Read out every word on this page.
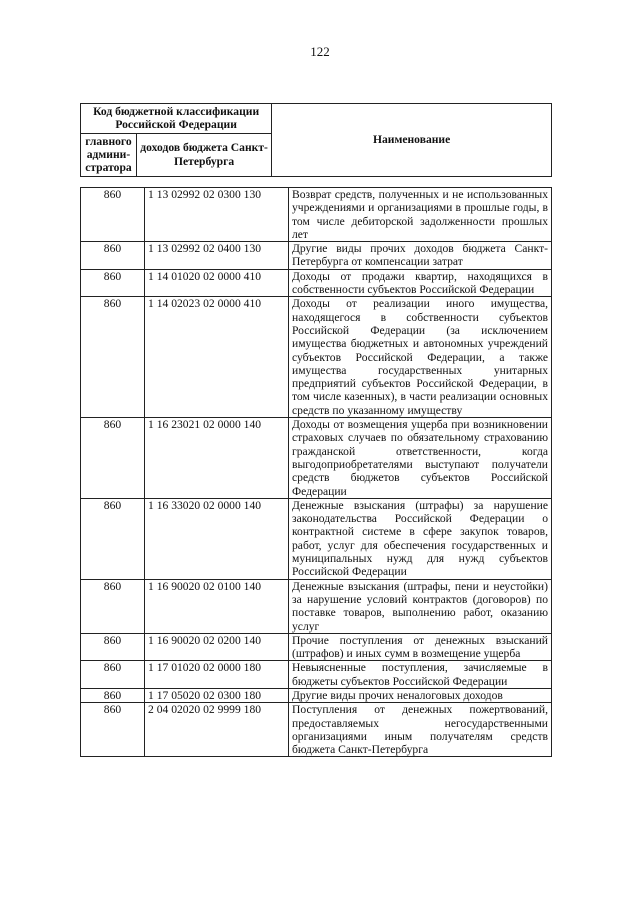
122
Код бюджетной классификации Российской Федерации		Наименование
главного админи-стратора	доходов бюджета Санкт-Петербурга	
860	1 13 02992 02 0300 130	Возврат средств, полученных и не использованных учреждениями и организациями в прошлые годы, в том числе дебиторской задолженности прошлых лет
860	1 13 02992 02 0400 130	Другие виды прочих доходов бюджета Санкт-Петербурга от компенсации затрат
860	1 14 01020 02 0000 410	Доходы от продажи квартир, находящихся в собственности субъектов Российской Федерации
860	1 14 02023 02 0000 410	Доходы от реализации иного имущества, находящегося в собственности субъектов Российской Федерации (за исключением имущества бюджетных и автономных учреждений субъектов Российской Федерации, а также имущества государственных унитарных предприятий субъектов Российской Федерации, в том числе казенных), в части реализации основных средств по указанному имуществу
860	1 16 23021 02 0000 140	Доходы от возмещения ущерба при возникновении страховых случаев по обязательному страхованию гражданской ответственности, когда выгодоприобретателями выступают получатели средств бюджетов субъектов Российской Федерации
860	1 16 33020 02 0000 140	Денежные взыскания (штрафы) за нарушение законодательства Российской Федерации о контрактной системе в сфере закупок товаров, работ, услуг для обеспечения государственных и муниципальных нужд для нужд субъектов Российской Федерации
860	1 16 90020 02 0100 140	Денежные взыскания (штрафы, пени и неустойки) за нарушение условий контрактов (договоров) по поставке товаров, выполнению работ, оказанию услуг
860	1 16 90020 02 0200 140	Прочие поступления от денежных взысканий (штрафов) и иных сумм в возмещение ущерба
860	1 17 01020 02 0000 180	Невыясненные поступления, зачисляемые в бюджеты субъектов Российской Федерации
860	1 17 05020 02 0300 180	Другие виды прочих неналоговых доходов
860	2 04 02020 02 9999 180	Поступления от денежных пожертвований, предоставляемых негосударственными организациями иным получателям средств бюджета Санкт-Петербурга
